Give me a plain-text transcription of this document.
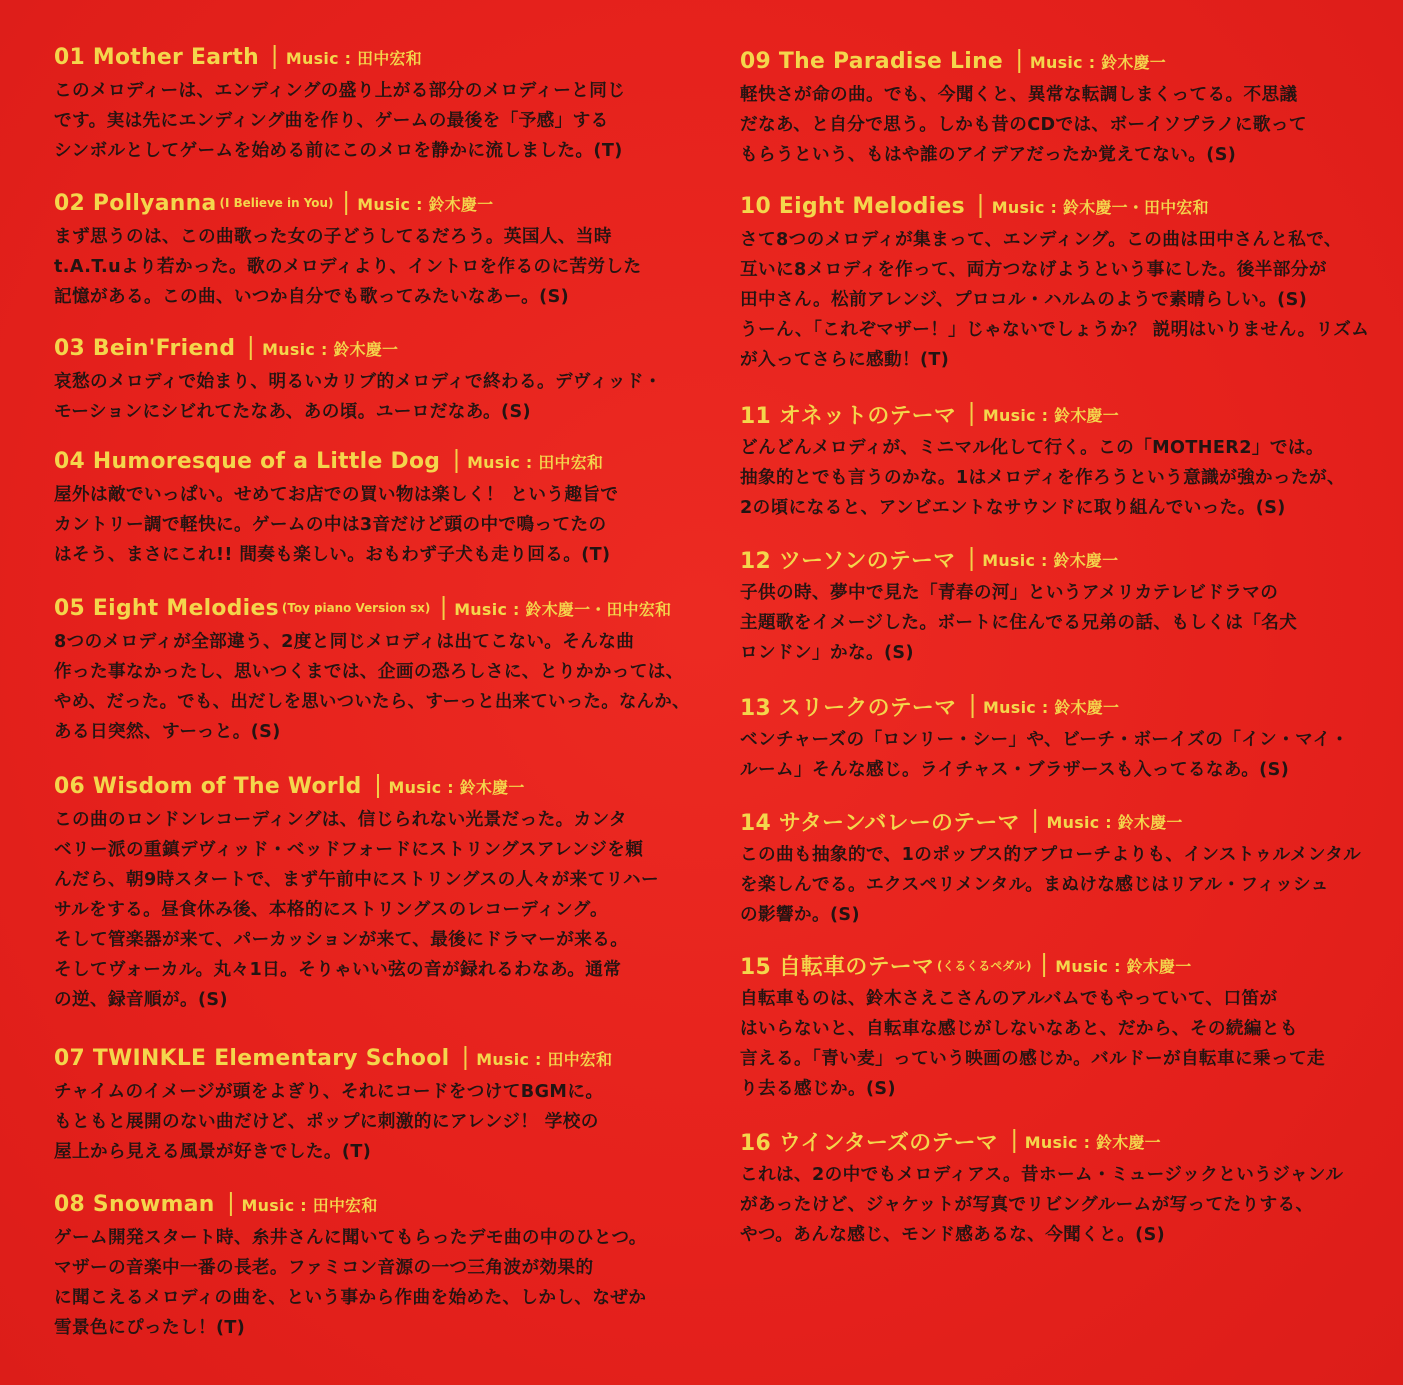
01 Mother Earth Music : 田中宏和
このメロディーは、エンディングの盛り上がる部分のメロディーと同じ
です。実は先にエンディング曲を作り、ゲームの最後を「予感」する
シンボルとしてゲームを始める前にこのメロを静かに流しました。(T)
02 Pollyanna (I Believe in You) Music : 鈴木慶一
まず思うのは、この曲歌った女の子どうしてるだろう。英国人、当時
t.A.T.uより若かった。歌のメロディより、イントロを作るのに苦労した
記憶がある。この曲、いつか自分でも歌ってみたいなあー。(S)
03 Bein'Friend Music : 鈴木慶一
哀愁のメロディで始まり、明るいカリブ的メロディで終わる。デヴィッド・
モーションにシビれてたなあ、あの頃。ユーロだなあ。(S)
04 Humoresque of a Little Dog Music : 田中宏和
屋外は敵でいっぱい。せめてお店での買い物は楽しく！ という趣旨で
カントリー調で軽快に。ゲームの中は3音だけど頭の中で鳴ってたの
はそう、まさにこれ!! 間奏も楽しい。おもわず子犬も走り回る。(T)
05 Eight Melodies (Toy piano Version sx) Music : 鈴木慶一・田中宏和
8つのメロディが全部違う、2度と同じメロディは出てこない。そんな曲
作った事なかったし、思いつくまでは、企画の恐ろしさに、とりかかっては、
やめ、だった。でも、出だしを思いついたら、すーっと出来ていった。なんか、
ある日突然、すーっと。(S)
06 Wisdom of The World Music : 鈴木慶一
この曲のロンドンレコーディングは、信じられない光景だった。カンタ
ベリー派の重鎮デヴィッド・ベッドフォードにストリングスアレンジを頼
んだら、朝9時スタートで、まず午前中にストリングスの人々が来てリハー
サルをする。昼食休み後、本格的にストリングスのレコーディング。
そして管楽器が来て、パーカッションが来て、最後にドラマーが来る。
そしてヴォーカル。丸々1日。そりゃいい弦の音が録れるわなあ。通常
の逆、録音順が。(S)
07 TWINKLE Elementary School Music : 田中宏和
チャイムのイメージが頭をよぎり、それにコードをつけてBGMに。
もともと展開のない曲だけど、ポップに刺激的にアレンジ！ 学校の
屋上から見える風景が好きでした。(T)
08 Snowman Music : 田中宏和
ゲーム開発スタート時、糸井さんに聞いてもらったデモ曲の中のひとつ。
マザーの音楽中一番の長老。ファミコン音源の一つ三角波が効果的
に聞こえるメロディの曲を、という事から作曲を始めた、しかし、なぜか
雪景色にぴったし！(T)
09 The Paradise Line Music : 鈴木慶一
軽快さが命の曲。でも、今聞くと、異常な転調しまくってる。不思議
だなあ、と自分で思う。しかも昔のCDでは、ボーイソプラノに歌って
もらうという、もはや誰のアイデアだったか覚えてない。(S)
10 Eight Melodies Music : 鈴木慶一・田中宏和
さて8つのメロディが集まって、エンディング。この曲は田中さんと私で、
互いに8メロディを作って、両方つなげようという事にした。後半部分が
田中さん。松前アレンジ、プロコル・ハルムのようで素晴らしい。(S)
うーん、「これぞマザー！」じゃないでしょうか？ 説明はいりません。リズム
が入ってさらに感動！(T)
11 オネットのテーマ Music : 鈴木慶一
どんどんメロディが、ミニマル化して行く。この「MOTHER2」では。
抽象的とでも言うのかな。1はメロディを作ろうという意識が強かったが、
2の頃になると、アンビエントなサウンドに取り組んでいった。(S)
12 ツーソンのテーマ Music : 鈴木慶一
子供の時、夢中で見た「青春の河」というアメリカテレビドラマの
主題歌をイメージした。ボートに住んでる兄弟の話、もしくは「名犬
ロンドン」かな。(S)
13 スリークのテーマ Music : 鈴木慶一
ベンチャーズの「ロンリー・シー」や、ビーチ・ボーイズの「イン・マイ・
ルーム」そんな感じ。ライチャス・ブラザースも入ってるなあ。(S)
14 サターンバレーのテーマ Music : 鈴木慶一
この曲も抽象的で、1のポップス的アプローチよりも、インストゥルメンタル
を楽しんでる。エクスペリメンタル。まぬけな感じはリアル・フィッシュ
の影響か。(S)
15 自転車のテーマ (くるくるペダル) Music : 鈴木慶一
自転車ものは、鈴木さえこさんのアルバムでもやっていて、口笛が
はいらないと、自転車な感じがしないなあと、だから、その続編とも
言える。「青い麦」っていう映画の感じか。バルドーが自転車に乗って走
り去る感じか。(S)
16 ウインターズのテーマ Music : 鈴木慶一
これは、2の中でもメロディアス。昔ホーム・ミュージックというジャンル
があったけど、ジャケットが写真でリビングルームが写ってたりする、
やつ。あんな感じ、モンド感あるな、今聞くと。(S)
